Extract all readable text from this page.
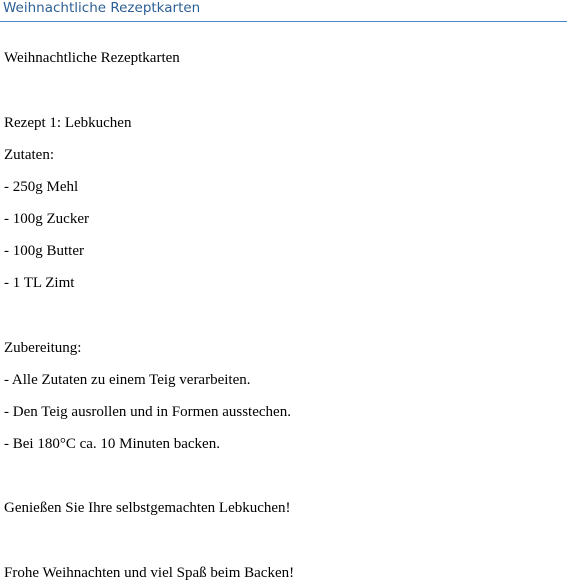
Weihnachtliche Rezeptkarten

Weihnachtliche Rezeptkarten

Rezept 1: Lebkuchen

Zutaten:

- 250g Mehl

- 100g Zucker

- 100g Butter

- 1 TL Zimt

Zubereitung:

- Alle Zutaten zu einem Teig verarbeiten.

- Den Teig ausrollen und in Formen ausstechen.

- Bei 180°C ca. 10 Minuten backen.

Genießen Sie Ihre selbstgemachten Lebkuchen!

Frohe Weihnachten und viel Spaß beim Backen!
